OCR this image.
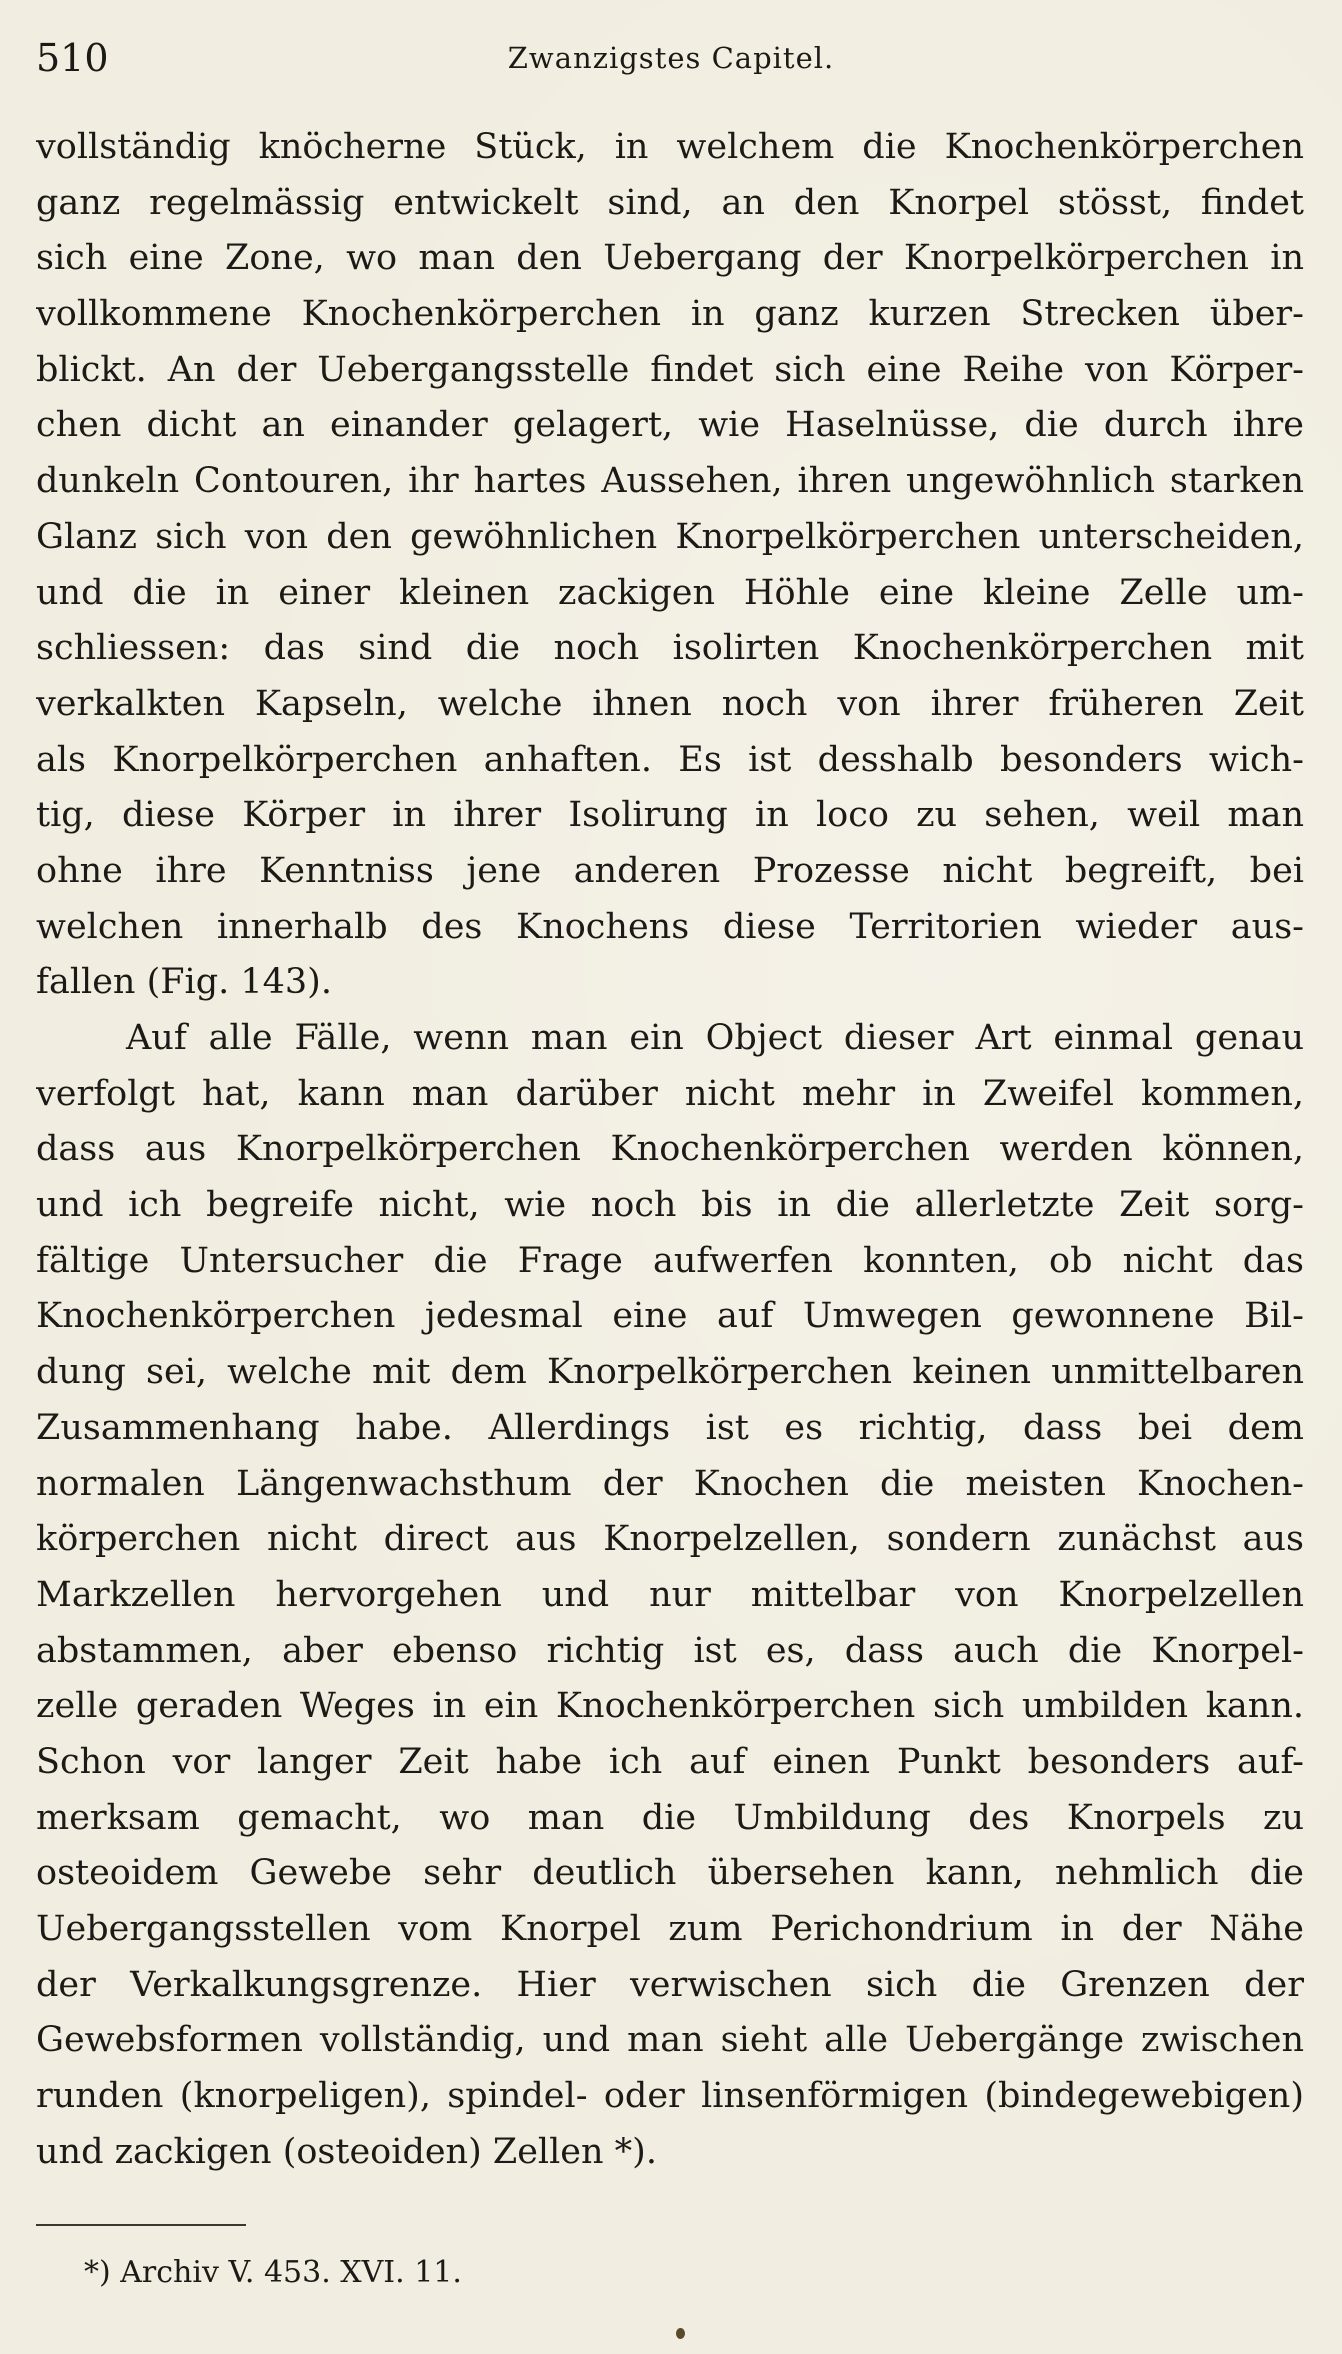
510	Zwanzigstes Capitel.
vollständig knöcherne Stück, in welchem die Knochenkörperchen
ganz regelmässig entwickelt sind, an den Knorpel stösst, findet
sich eine Zone, wo man den Uebergang der Knorpelkörperchen in
vollkommene Knochenkörperchen in ganz kurzen Strecken über-
blickt. An der Uebergangsstelle findet sich eine Reihe von Körper-
chen dicht an einander gelagert, wie Haselnüsse, die durch ihre
dunkeln Contouren, ihr hartes Aussehen, ihren ungewöhnlich starken
Glanz sich von den gewöhnlichen Knorpelkörperchen unterscheiden,
und die in einer kleinen zackigen Höhle eine kleine Zelle um-
schliessen: das sind die noch isolirten Knochenkörperchen mit
verkalkten Kapseln, welche ihnen noch von ihrer früheren Zeit
als Knorpelkörperchen anhaften. Es ist desshalb besonders wich-
tig, diese Körper in ihrer Isolirung in loco zu sehen, weil man
ohne ihre Kenntniss jene anderen Prozesse nicht begreift, bei
welchen innerhalb des Knochens diese Territorien wieder aus-
fallen (Fig. 143).
Auf alle Fälle, wenn man ein Object dieser Art einmal genau
verfolgt hat, kann man darüber nicht mehr in Zweifel kommen,
dass aus Knorpelkörperchen Knochenkörperchen werden können,
und ich begreife nicht, wie noch bis in die allerletzte Zeit sorg-
fältige Untersucher die Frage aufwerfen konnten, ob nicht das
Knochenkörperchen jedesmal eine auf Umwegen gewonnene Bil-
dung sei, welche mit dem Knorpelkörperchen keinen unmittelbaren
Zusammenhang habe. Allerdings ist es richtig, dass bei dem
normalen Längenwachsthum der Knochen die meisten Knochen-
körperchen nicht direct aus Knorpelzellen, sondern zunächst aus
Markzellen hervorgehen und nur mittelbar von Knorpelzellen
abstammen, aber ebenso richtig ist es, dass auch die Knorpel-
zelle geraden Weges in ein Knochenkörperchen sich umbilden kann.
Schon vor langer Zeit habe ich auf einen Punkt besonders auf-
merksam gemacht, wo man die Umbildung des Knorpels zu
osteoidem Gewebe sehr deutlich übersehen kann, nehmlich die
Uebergangsstellen vom Knorpel zum Perichondrium in der Nähe
der Verkalkungsgrenze. Hier verwischen sich die Grenzen der
Gewebsformen vollständig, und man sieht alle Uebergänge zwischen
runden (knorpeligen), spindel- oder linsenförmigen (bindegewebigen)
und zackigen (osteoiden) Zellen *).
*) Archiv V. 453. XVI. 11.
